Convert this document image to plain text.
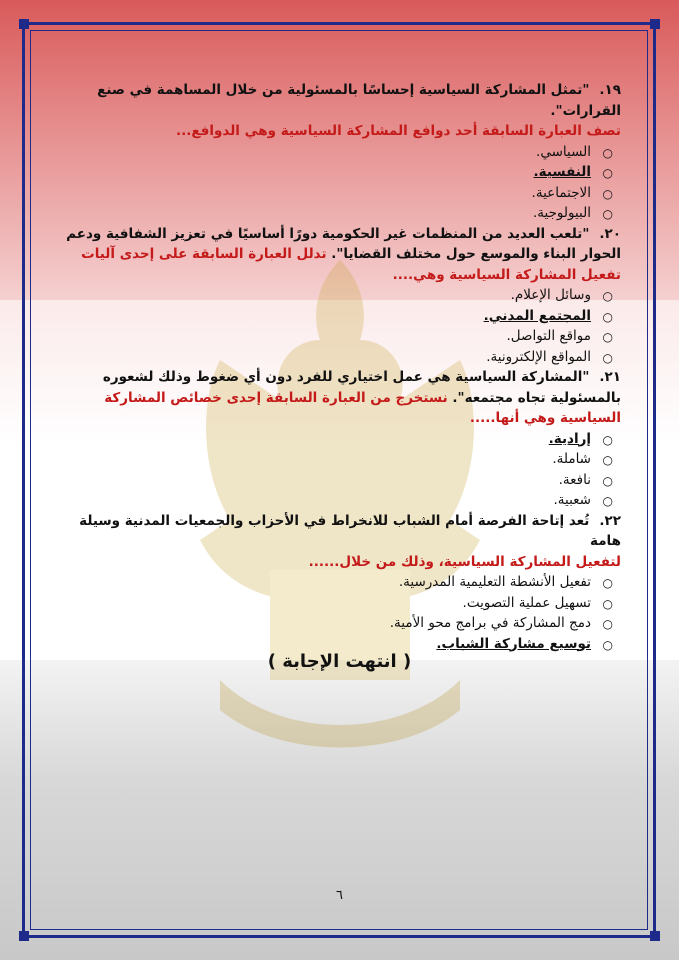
١٩."تمثل المشاركة السياسية إحساسًا بالمسئولية من خلال المساهمة في صنع القرارات".
تصف العبارة السابقة أحد دوافع المشاركة السياسية وهي الدوافع...
○
السياسي.
○
النفسية.
○
الاجتماعية.
○
البيولوجية.
٢٠."تلعب العديد من المنظمات غير الحكومية دورًا أساسيًا في تعزيز الشفافية ودعم الحوار البناء والموسع حول مختلف القضايا". تدلل العبارة السابقة على إحدى آليات تفعيل المشاركة السياسية وهي....
○
وسائل الإعلام.
○
المجتمع المدني.
○
مواقع التواصل.
○
المواقع الإلكترونية.
٢١."المشاركة السياسية هي عمل اختياري للفرد دون أي ضغوط وذلك لشعوره بالمسئولية تجاه مجتمعه". نستخرج من العبارة السابقة إحدى خصائص المشاركة السياسية وهي أنها.....
○
إرادية.
○
شاملة.
○
نافعة.
○
شعبية.
٢٢.تُعد إتاحة الفرصة أمام الشباب للانخراط في الأحزاب والجمعيات المدنية وسيلة هامة
لتفعيل المشاركة السياسية، وذلك من خلال......
○
تفعيل الأنشطة التعليمية المدرسية.
○
تسهيل عملية التصويت.
○
دمج المشاركة في برامج محو الأمية.
○
توسيع مشاركة الشباب.
( انتهت الإجابة )
٦
